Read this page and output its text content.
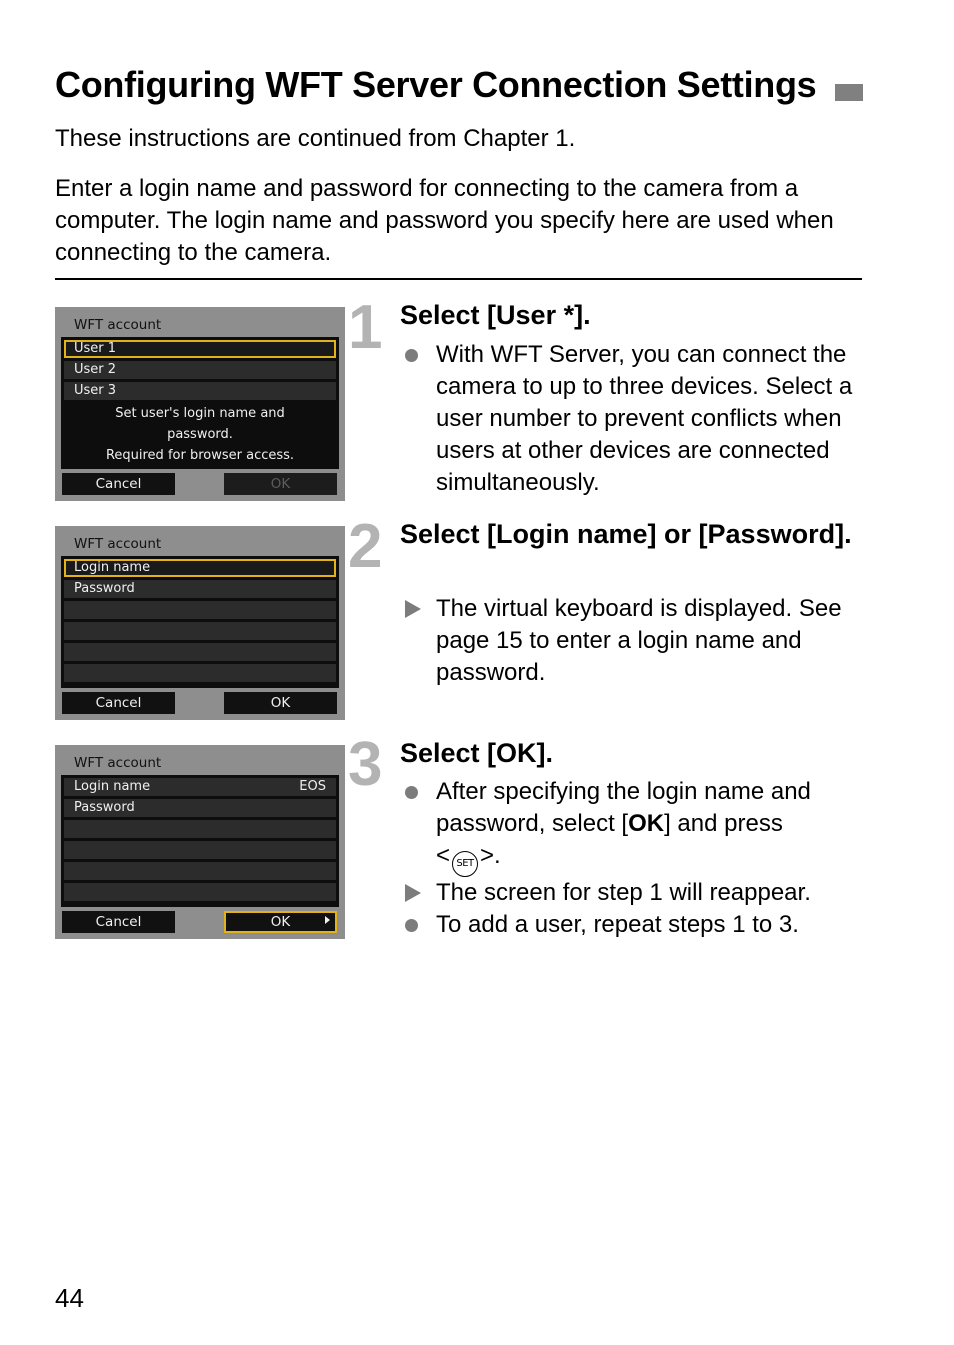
Configuring WFT Server Connection Settings

These instructions are continued from Chapter 1.

Enter a login name and password for connecting to the camera from a computer. The login name and password you specify here are used when connecting to the camera.

WFT account
User 1
User 2
User 3
Set user's login name and
password.
Required for browser access.
Cancel	OK
WFT account
Login name
Password
Cancel	OK
WFT account
Login name	EOS
Password
Cancel	OK
1 Select [User *].
With WFT Server, you can connect the camera to up to three devices. Select a user number to prevent conflicts when users at other devices are connected simultaneously.
2 Select [Login name] or [Password].
The virtual keyboard is displayed. See page 15 to enter a login name and password.
3 Select [OK].
After specifying the login name and password, select [OK] and press
< SET >.
The screen for step 1 will reappear.
To add a user, repeat steps 1 to 3.
44
